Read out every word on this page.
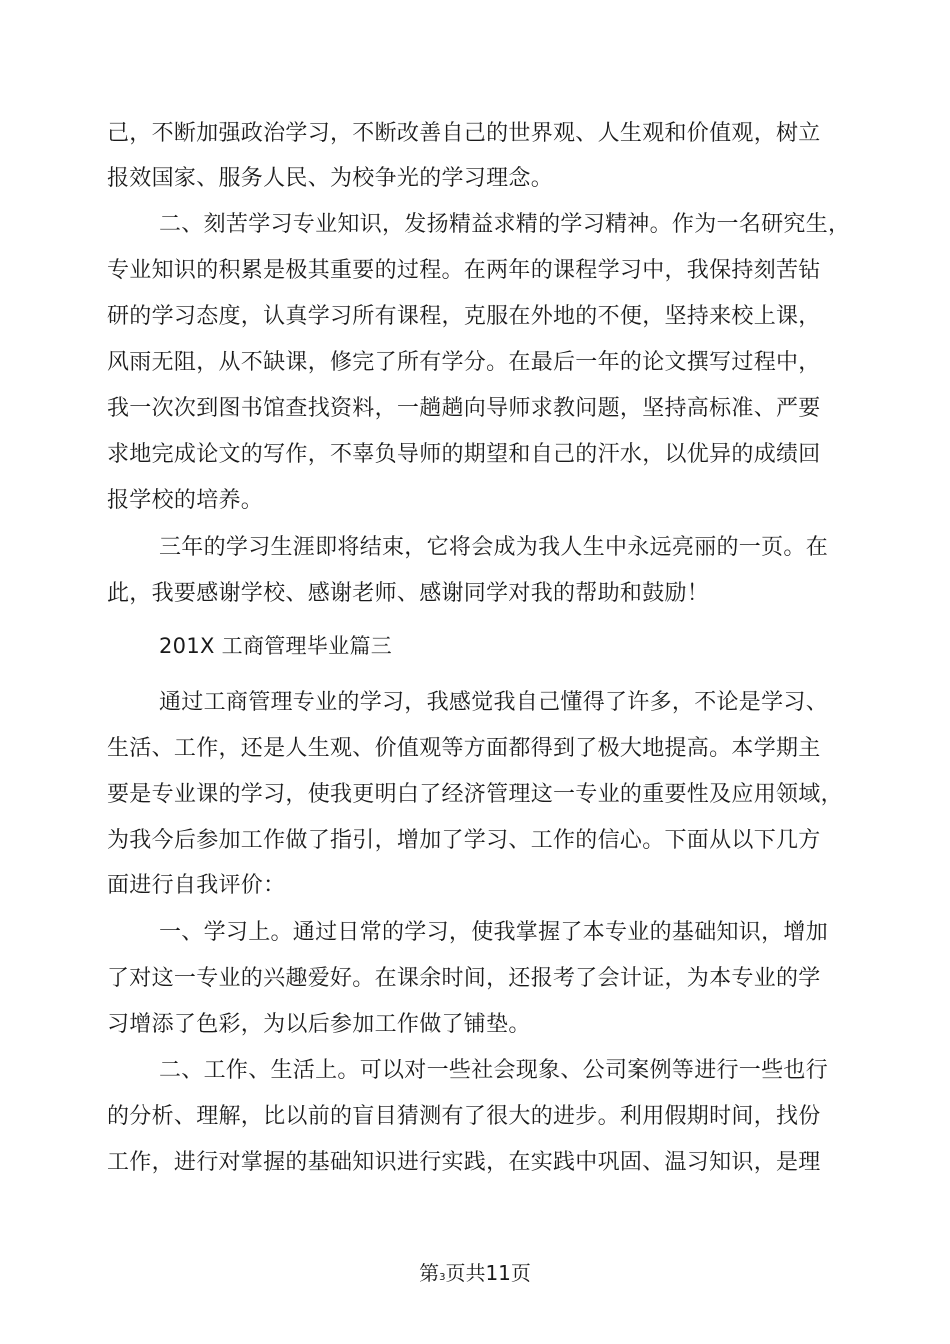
己，不断加强政治学习，不断改善自己的世界观、人生观和价值观，树立
报效国家、服务人民、为校争光的学习理念。
二、刻苦学习专业知识，发扬精益求精的学习精神。作为一名研究生，
专业知识的积累是极其重要的过程。在两年的课程学习中，我保持刻苦钻
研的学习态度，认真学习所有课程，克服在外地的不便，坚持来校上课，
风雨无阻，从不缺课，修完了所有学分。在最后一年的论文撰写过程中，
我一次次到图书馆查找资料，一趟趟向导师求教问题，坚持高标准、严要
求地完成论文的写作，不辜负导师的期望和自己的汗水，以优异的成绩回
报学校的培养。
三年的学习生涯即将结束，它将会成为我人生中永远亮丽的一页。在
此，我要感谢学校、感谢老师、感谢同学对我的帮助和鼓励！
201X 工商管理毕业篇三
通过工商管理专业的学习，我感觉我自己懂得了许多，不论是学习、
生活、工作，还是人生观、价值观等方面都得到了极大地提高。本学期主
要是专业课的学习，使我更明白了经济管理这一专业的重要性及应用领域，
为我今后参加工作做了指引，增加了学习、工作的信心。下面从以下几方
面进行自我评价：
一、学习上。通过日常的学习，使我掌握了本专业的基础知识，增加
了对这一专业的兴趣爱好。在课余时间，还报考了会计证，为本专业的学
习增添了色彩，为以后参加工作做了铺垫。
二、工作、生活上。可以对一些社会现象、公司案例等进行一些也行
的分析、理解，比以前的盲目猜测有了很大的进步。利用假期时间，找份
工作，进行对掌握的基础知识进行实践，在实践中巩固、温习知识，是理
第3页共11页
